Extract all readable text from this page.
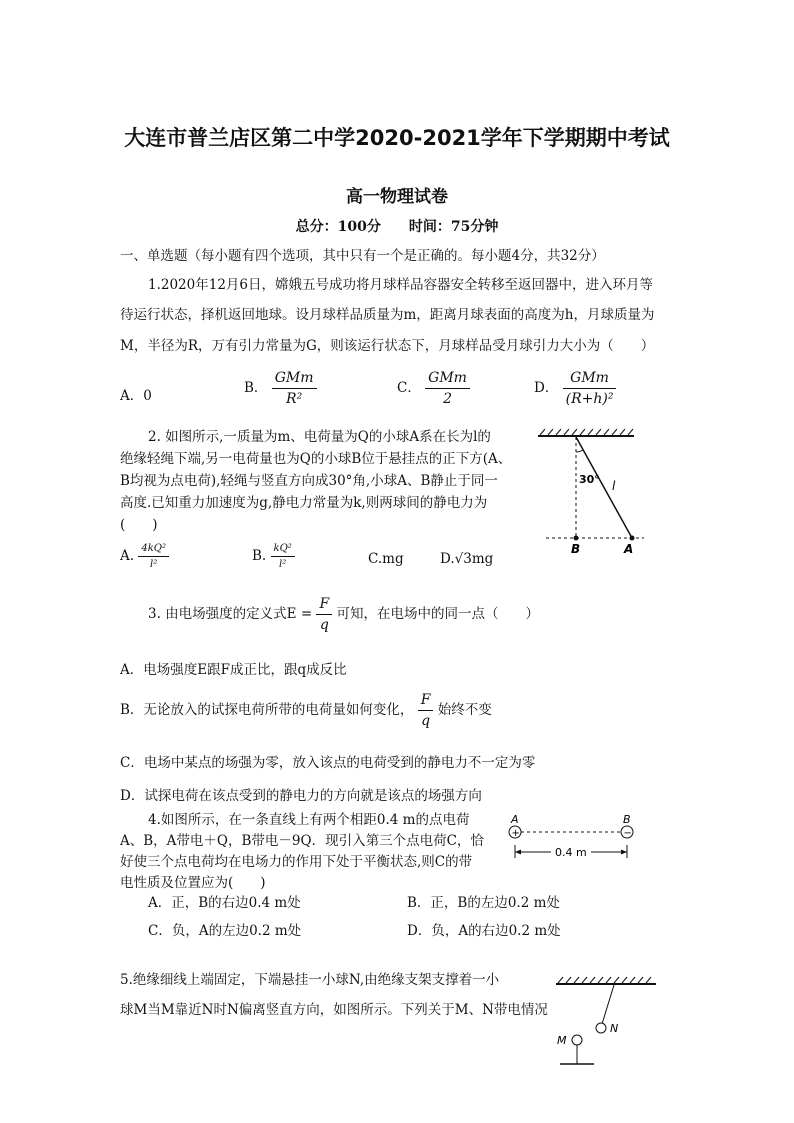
大连市普兰店区第二中学2020-2021学年下学期期中考试
高一物理试卷
总分：100分　　时间：75分钟
一、单选题（每小题有四个选项，其中只有一个是正确的。每小题4分，共32分）
1.2020年12月6日，嫦娥五号成功将月球样品容器安全转移至返回器中，进入环月等
待运行状态，择机返回地球。设月球样品质量为m，距离月球表面的高度为h，月球质量为
M，半径为R，万有引力常量为G，则该运行状态下，月球样品受月球引力大小为（　　）
A．0	B． $\frac{\text{GMm}}{\text{R²}}$	C． $\frac{\text{GMm}}{2}$	D． $\frac{\text{GMm}}{\text{(R+h)²}}$
2. 如图所示,一质量为m、电荷量为Q的小球A系在长为l的
绝缘轻绳下端,另一电荷量也为Q的小球B位于悬挂点的正下方(A、
B均视为点电荷),轻绳与竖直方向成30°角,小球A、B静止于同一
高度.已知重力加速度为g,静电力常量为k,则两球间的静电力为
(　　)
A. $\frac{\text{4kQ²}}{\text{l²}}$	B. $\frac{\text{kQ²}}{\text{l²}}$	C.mg	D.√3mg
30° l
B	A
3. 由电场强度的定义式$E = \frac{F}{q}$ 可知，在电场中的同一点（　　）
A．电场强度E跟F成正比，跟q成反比
B．无论放入的试探电荷所带的电荷量如何变化， $\frac{F}{q}$ 始终不变
C．电场中某点的场强为零，放入该点的电荷受到的静电力不一定为零
D．试探电荷在该点受到的静电力的方向就是该点的场强方向
4.如图所示，在一条直线上有两个相距0.4 m的点电荷
A、B，A带电＋Q，B带电－9Q．现引入第三个点电荷C，恰
好使三个点电荷均在电场力的作用下处于平衡状态,则C的带
电性质及位置应为(　　)
A．正，B的右边0.4 m处	B．正，B的左边0.2 m处
C．负，A的左边0.2 m处	D．负，A的右边0.2 m处
A	B
+	−
0.4 m
5.绝缘细线上端固定，下端悬挂一小球N,由绝缘支架支撑着一小
球M当M靠近N时N偏离竖直方向，如图所示。下列关于M、N带电情况
N
M
